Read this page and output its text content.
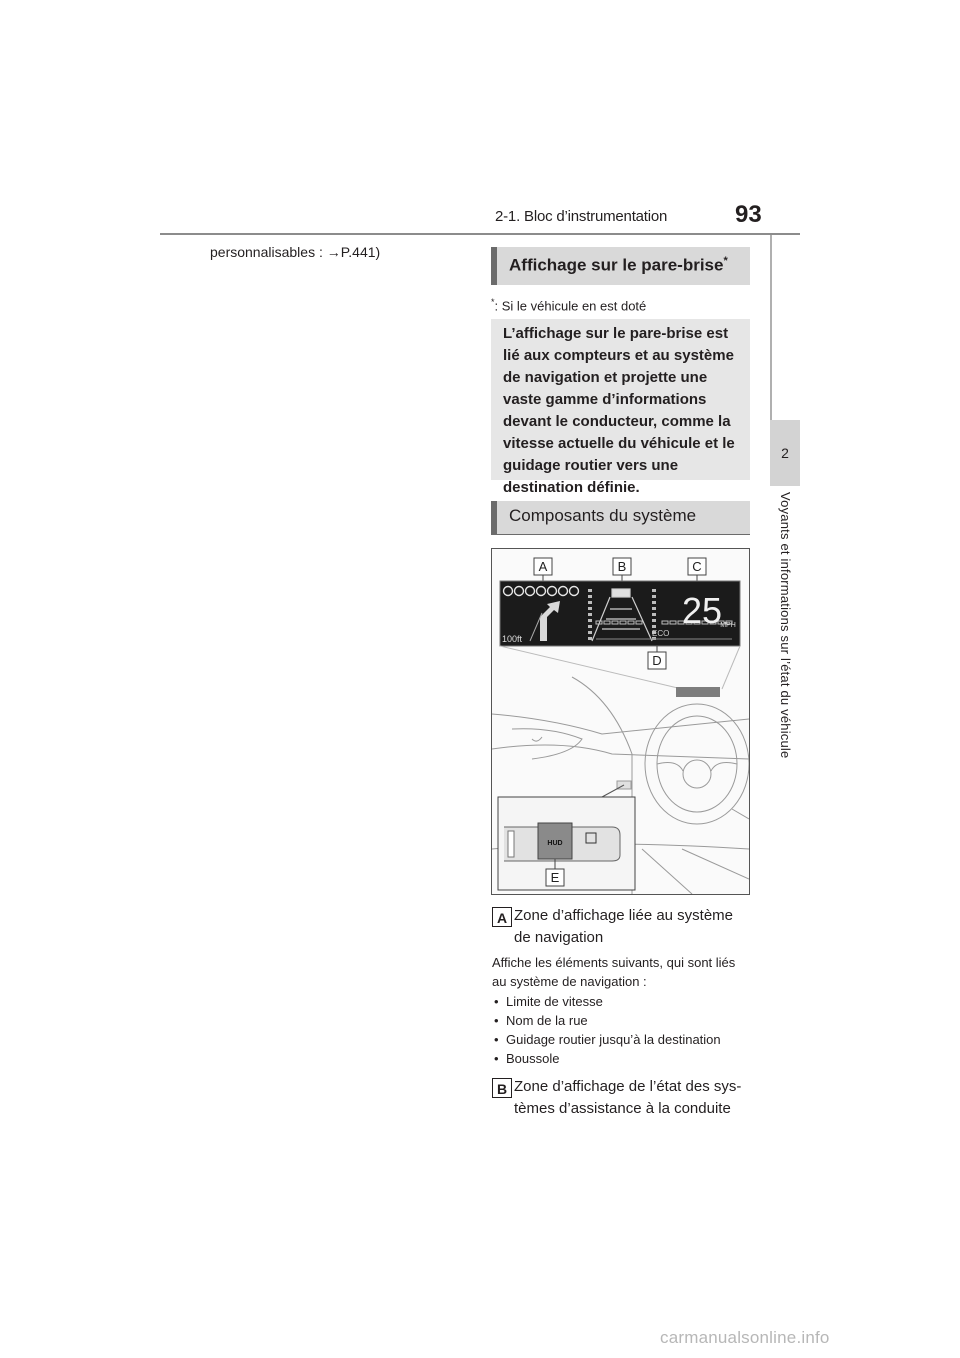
2-1. Bloc d’instrumentation	93
2
Voyants et informations sur l’état du véhicule
personnalisables : →P.441)
Affichage sur le pare-brise*
*: Si le véhicule en est doté
L’affichage sur le pare-brise est lié aux compteurs et au système de navigation et projette une vaste gamme d’informations devant le conducteur, comme la vitesse actuelle du véhicule et le guidage routier vers une destination définie.
Composants du système
A	B	C
100ft
ECO
25
MPH
D
HUD
E
A Zone d’affichage liée au système de navigation
Affiche les éléments suivants, qui sont liés au système de navigation :
• Limite de vitesse
• Nom de la rue
• Guidage routier jusqu’à la destination
• Boussole
B Zone d’affichage de l’état des sys-tèmes d’assistance à la conduite
carmanualsonline.info
